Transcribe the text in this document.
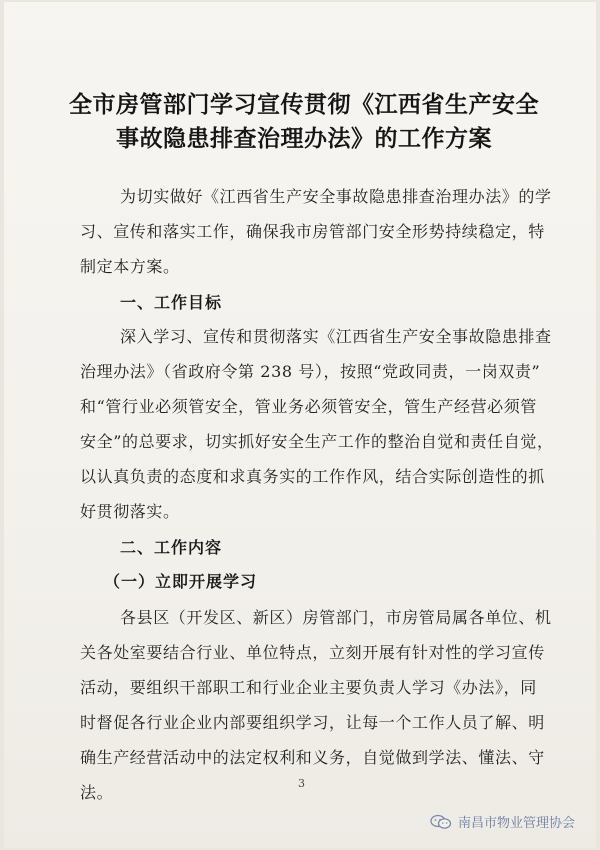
全市房管部门学习宣传贯彻《江西省生产安全
事故隐患排查治理办法》的工作方案
为切实做好《江西省生产安全事故隐患排查治理办法》的学
习、宣传和落实工作，确保我市房管部门安全形势持续稳定，特
制定本方案。
一、工作目标
深入学习、宣传和贯彻落实《江西省生产安全事故隐患排查
治理办法》（省政府令第 238 号），按照“党政同责，一岗双责”
和“管行业必须管安全，管业务必须管安全，管生产经营必须管
安全”的总要求，切实抓好安全生产工作的整治自觉和责任自觉，
以认真负责的态度和求真务实的工作作风，结合实际创造性的抓
好贯彻落实。
二、工作内容
（一）立即开展学习
各县区（开发区、新区）房管部门，市房管局属各单位、机
关各处室要结合行业、单位特点，立刻开展有针对性的学习宣传
活动，要组织干部职工和行业企业主要负责人学习《办法》，同
时督促各行业企业内部要组织学习，让每一个工作人员了解、明
确生产经营活动中的法定权利和义务，自觉做到学法、懂法、守
法。	3
南昌市物业管理协会
